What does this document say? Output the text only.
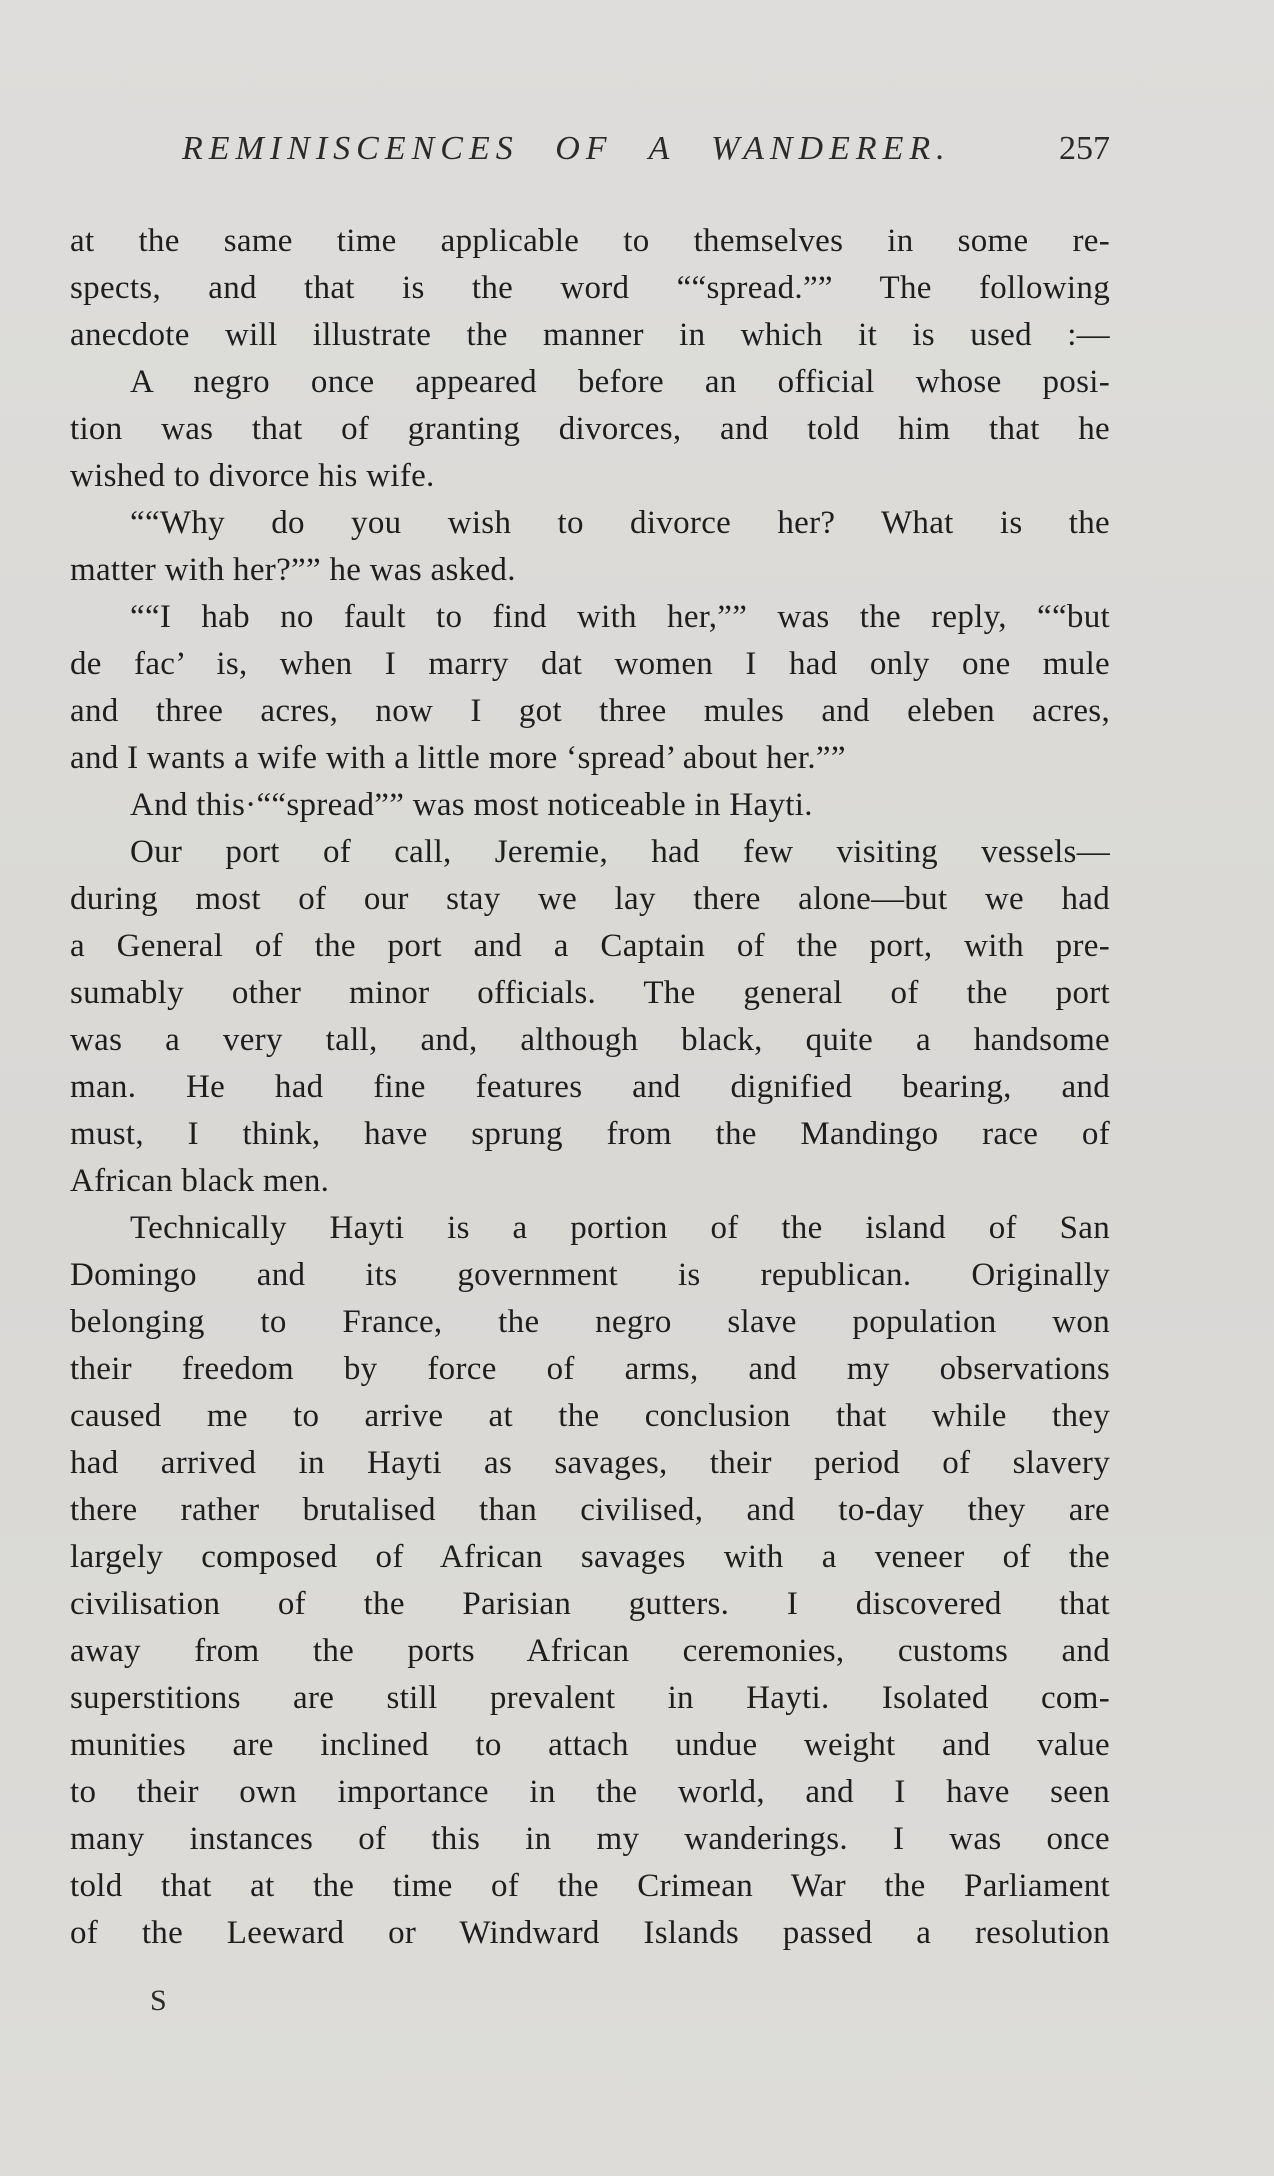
REMINISCENCES OF A WANDERER.	257
at the same time applicable to themselves in some re-
spects, and that is the word ““spread.”” The following
anecdote will illustrate the manner in which it is used :—
A negro once appeared before an official whose posi-
tion was that of granting divorces, and told him that he
wished to divorce his wife.
““Why do you wish to divorce her? What is the
matter with her?”” he was asked.
““I hab no fault to find with her,”” was the reply, ““but
de fac’ is, when I marry dat women I had only one mule
and three acres, now I got three mules and eleben acres,
and I wants a wife with a little more ‘spread’ about her.””
And this·““spread”” was most noticeable in Hayti.
Our port of call, Jeremie, had few visiting vessels—
during most of our stay we lay there alone—but we had
a General of the port and a Captain of the port, with pre-
sumably other minor officials. The general of the port
was a very tall, and, although black, quite a handsome
man. He had fine features and dignified bearing, and
must, I think, have sprung from the Mandingo race of
African black men.
Technically Hayti is a portion of the island of San
Domingo and its government is republican. Originally
belonging to France, the negro slave population won
their freedom by force of arms, and my observations
caused me to arrive at the conclusion that while they
had arrived in Hayti as savages, their period of slavery
there rather brutalised than civilised, and to-day they are
largely composed of African savages with a veneer of the
civilisation of the Parisian gutters. I discovered that
away from the ports African ceremonies, customs and
superstitions are still prevalent in Hayti. Isolated com-
munities are inclined to attach undue weight and value
to their own importance in the world, and I have seen
many instances of this in my wanderings. I was once
told that at the time of the Crimean War the Parliament
of the Leeward or Windward Islands passed a resolution
S
